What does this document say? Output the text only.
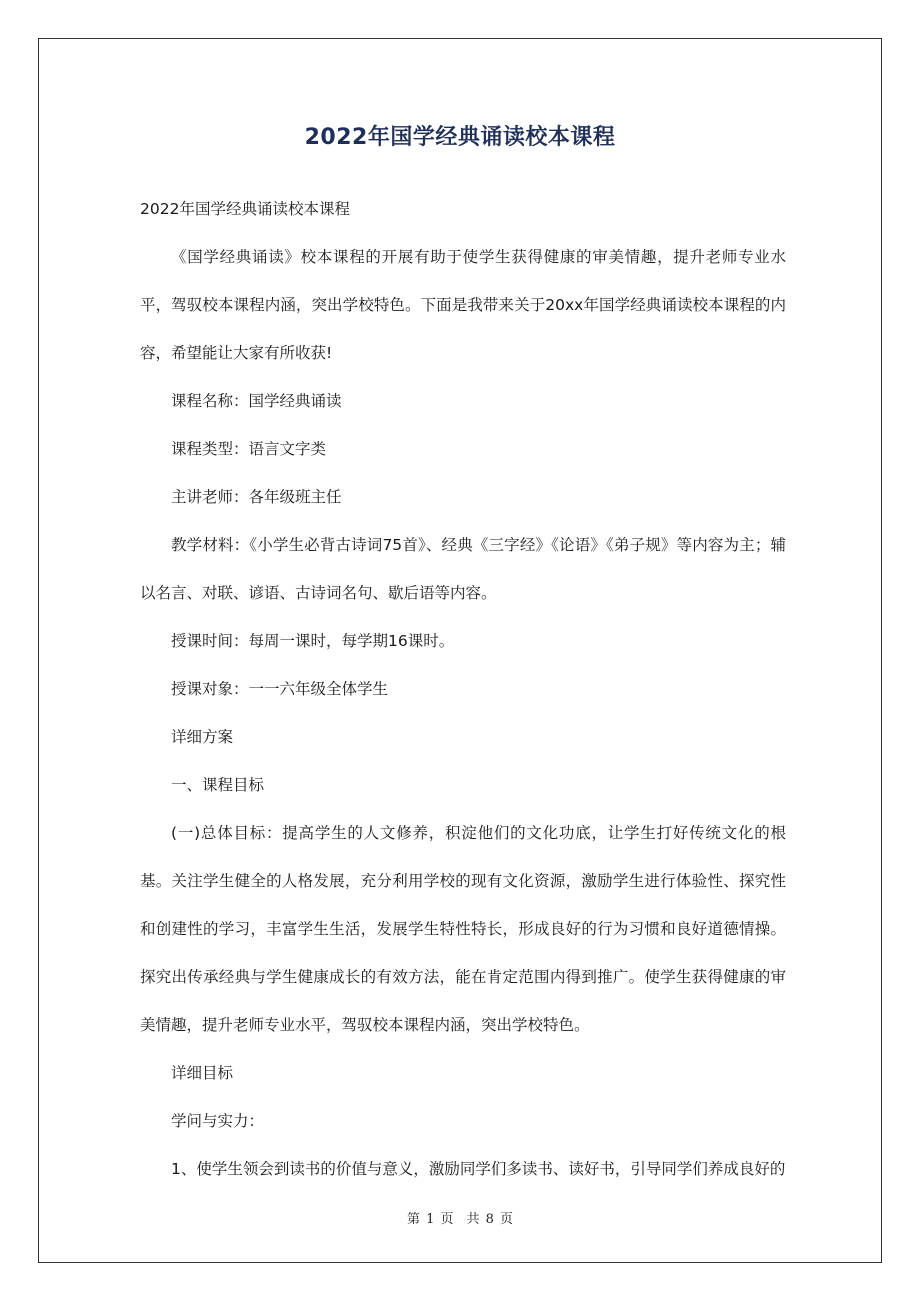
2022年国学经典诵读校本课程
2022年国学经典诵读校本课程
《国学经典诵读》校本课程的开展有助于使学生获得健康的审美情趣，提升老师专业水平，驾驭校本课程内涵，突出学校特色。下面是我带来关于20xx年国学经典诵读校本课程的内容，希望能让大家有所收获!
课程名称：国学经典诵读
课程类型：语言文字类
主讲老师：各年级班主任
教学材料：《小学生必背古诗词75首》、经典《三字经》《论语》《弟子规》等内容为主；辅以名言、对联、谚语、古诗词名句、歇后语等内容。
授课时间：每周一课时，每学期16课时。
授课对象：一一六年级全体学生
详细方案
一、课程目标
(一)总体目标：提高学生的人文修养，积淀他们的文化功底，让学生打好传统文化的根基。关注学生健全的人格发展，充分利用学校的现有文化资源，激励学生进行体验性、探究性和创建性的学习，丰富学生生活，发展学生特性特长，形成良好的行为习惯和良好道德情操。探究出传承经典与学生健康成长的有效方法，能在肯定范围内得到推广。使学生获得健康的审美情趣，提升老师专业水平，驾驭校本课程内涵，突出学校特色。
详细目标
学问与实力：
1、使学生领会到读书的价值与意义，激励同学们多读书、读好书，引导同学们养成良好的
第 1 页　共 8 页
